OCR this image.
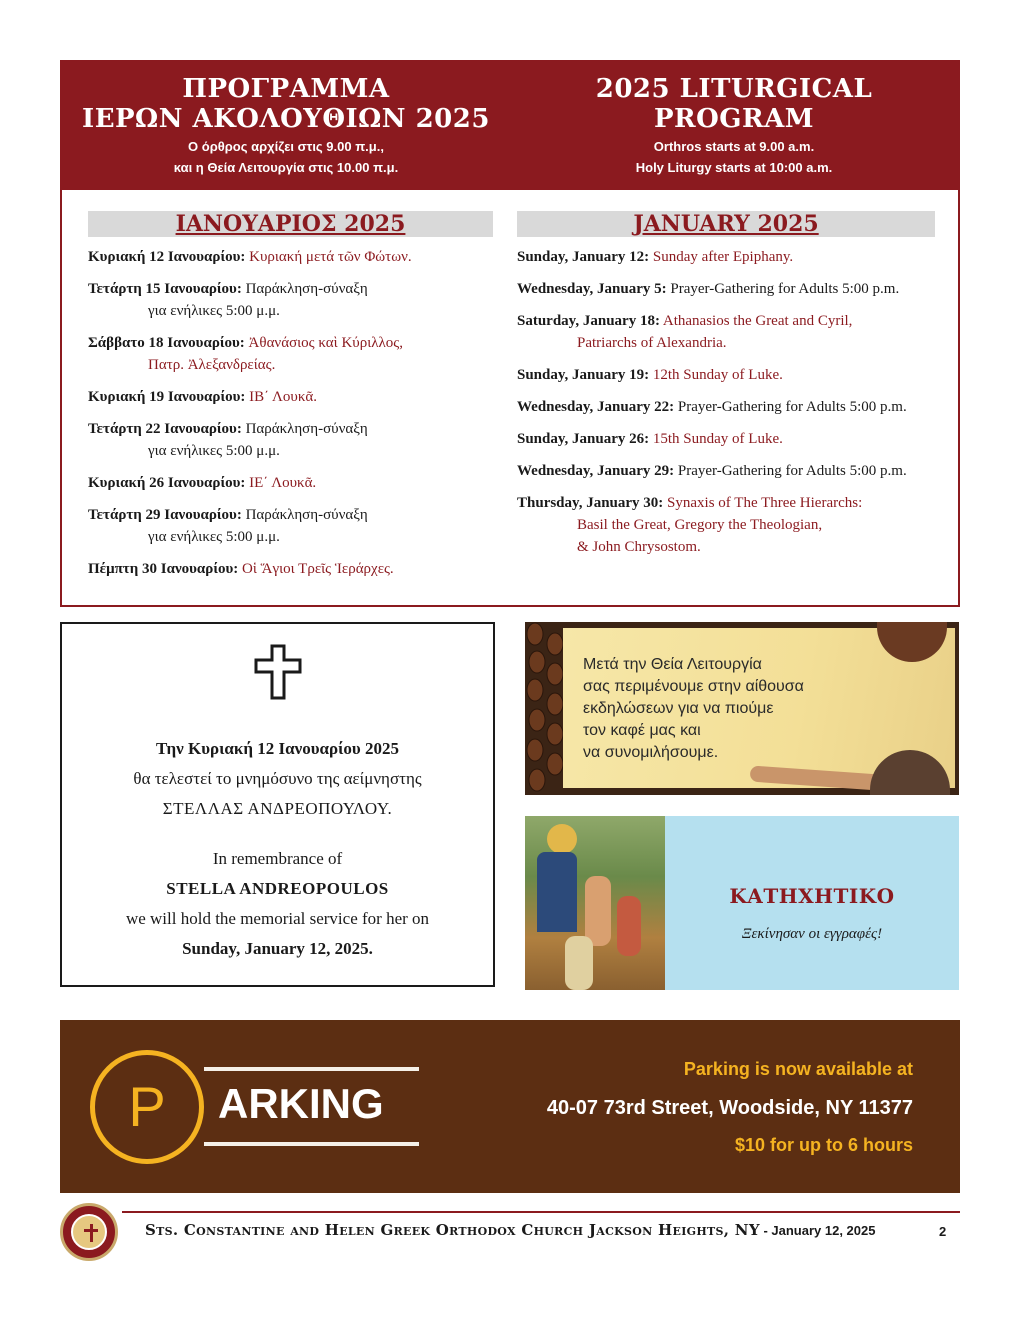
ΠΡΟΓΡΑΜΜΑ
ΙΕΡΩΝ ΑΚΟΛΟΥΘΙΩΝ 2025
Ο όρθρος αρχίζει στις 9.00 π.μ.,
και η Θεία Λειτουργία στις 10.00 π.μ.
2025 LITURGICAL
PROGRAM
Orthros starts at 9.00 a.m.
Holy Liturgy starts at 10:00 a.m.
ΙΑΝΟΥΑΡΙΟΣ 2025	JANUARY 2025
Κυριακή 12 Ιανουαρίου: Κυριακή μετά τῶν Φώτων.
Τετάρτη 15 Ιανουαρίου: Παράκληση-σύναξη
για ενήλικες 5:00 μ.μ.
Σάββατο 18 Ιανουαρίου: Ἀθανάσιος καὶ Κύριλλος,
Πατρ. Ἀλεξανδρείας.
Κυριακή 19 Ιανουαρίου: ΙΒ΄ Λουκᾶ.
Τετάρτη 22 Ιανουαρίου: Παράκληση-σύναξη
για ενήλικες 5:00 μ.μ.
Κυριακή 26 Ιανουαρίου: ΙΕ΄ Λουκᾶ.
Τετάρτη 29 Ιανουαρίου: Παράκληση-σύναξη
για ενήλικες 5:00 μ.μ.
Πέμπτη 30 Ιανουαρίου: Οἱ Ἅγιοι Τρεῖς Ἱεράρχες.
Sunday, January 12: Sunday after Epiphany.
Wednesday, January 5: Prayer-Gathering for Adults 5:00 p.m.
Saturday, January 18: Athanasios the Great and Cyril,
Patriarchs of Alexandria.
Sunday, January 19: 12th Sunday of Luke.
Wednesday, January 22: Prayer-Gathering for Adults 5:00 p.m.
Sunday, January 26: 15th Sunday of Luke.
Wednesday, January 29: Prayer-Gathering for Adults 5:00 p.m.
Thursday, January 30: Synaxis of The Three Hierarchs:
Basil the Great, Gregory the Theologian,
& John Chrysostom.
Την Κυριακή 12 Ιανουαρίου 2025
θα τελεστεί το μνημόσυνο της αείμνηστης
ΣΤΕΛΛΑΣ ΑΝΔΡΕΟΠΟΥΛΟΥ.
In remembrance of
STELLA ANDREOPOULOS
we will hold the memorial service for her on
Sunday, January 12, 2025.
Μετά την Θεία Λειτουργία
σας περιμένουμε στην αίθουσα
εκδηλώσεων για να πιούμε
τον καφέ μας και
να συνομιλήσουμε.
ΚΑΤΗΧΗΤΙΚΟ
Ξεκίνησαν οι εγγραφές!
P	ARKING
Parking is now available at
40-07 73rd Street, Woodside, NY 11377
$10 for up to 6 hours
Sts. Constantine and Helen Greek Orthodox Church Jackson Heights, NY - January 12, 2025	2
